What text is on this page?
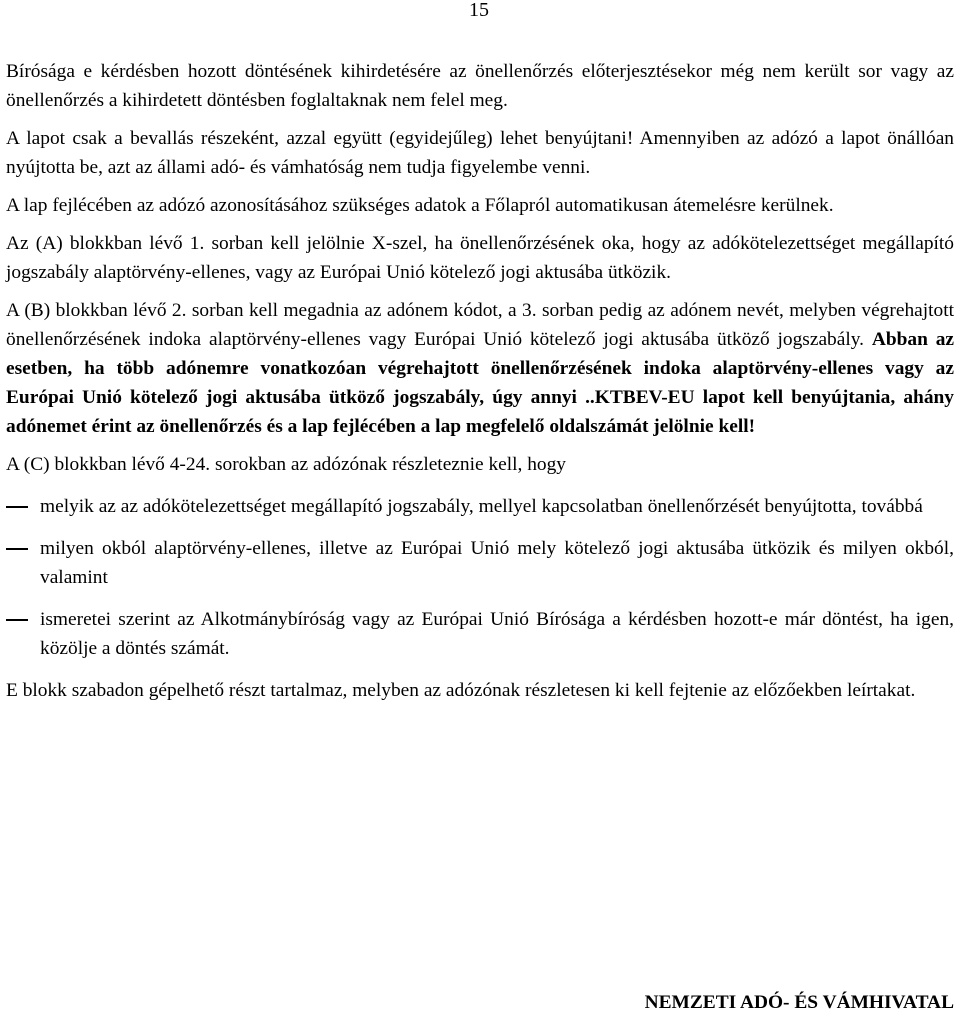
15

Bírósága e kérdésben hozott döntésének kihirdetésére az önellenőrzés előterjesztésekor még nem került sor vagy az önellenőrzés a kihirdetett döntésben foglaltaknak nem felel meg.

A lapot csak a bevallás részeként, azzal együtt (egyidejűleg) lehet benyújtani! Amennyiben az adózó a lapot önállóan nyújtotta be, azt az állami adó- és vámhatóság nem tudja figyelembe venni.

A lap fejlécében az adózó azonosításához szükséges adatok a Főlapról automatikusan átemelésre kerülnek.

Az (A) blokkban lévő 1. sorban kell jelölnie X-szel, ha önellenőrzésének oka, hogy az adókötelezettséget megállapító jogszabály alaptörvény-ellenes, vagy az Európai Unió kötelező jogi aktusába ütközik.

A (B) blokkban lévő 2. sorban kell megadnia az adónem kódot, a 3. sorban pedig az adónem nevét, melyben végrehajtott önellenőrzésének indoka alaptörvény-ellenes vagy Európai Unió kötelező jogi aktusába ütköző jogszabály. Abban az esetben, ha több adónemre vonatkozóan végrehajtott önellenőrzésének indoka alaptörvény-ellenes vagy az Európai Unió kötelező jogi aktusába ütköző jogszabály, úgy annyi ..KTBEV-EU lapot kell benyújtania, ahány adónemet érint az önellenőrzés és a lap fejlécében a lap megfelelő oldalszámát jelölnie kell!

A (C) blokkban lévő 4-24. sorokban az adózónak részleteznie kell, hogy

melyik az az adókötelezettséget megállapító jogszabály, mellyel kapcsolatban önellenőrzését benyújtotta, továbbá
milyen okból alaptörvény-ellenes, illetve az Európai Unió mely kötelező jogi aktusába ütközik és milyen okból, valamint
ismeretei szerint az Alkotmánybíróság vagy az Európai Unió Bírósága a kérdésben hozott-e már döntést, ha igen, közölje a döntés számát.

E blokk szabadon gépelhető részt tartalmaz, melyben az adózónak részletesen ki kell fejtenie az előzőekben leírtakat.

NEMZETI ADÓ- ÉS VÁMHIVATAL
